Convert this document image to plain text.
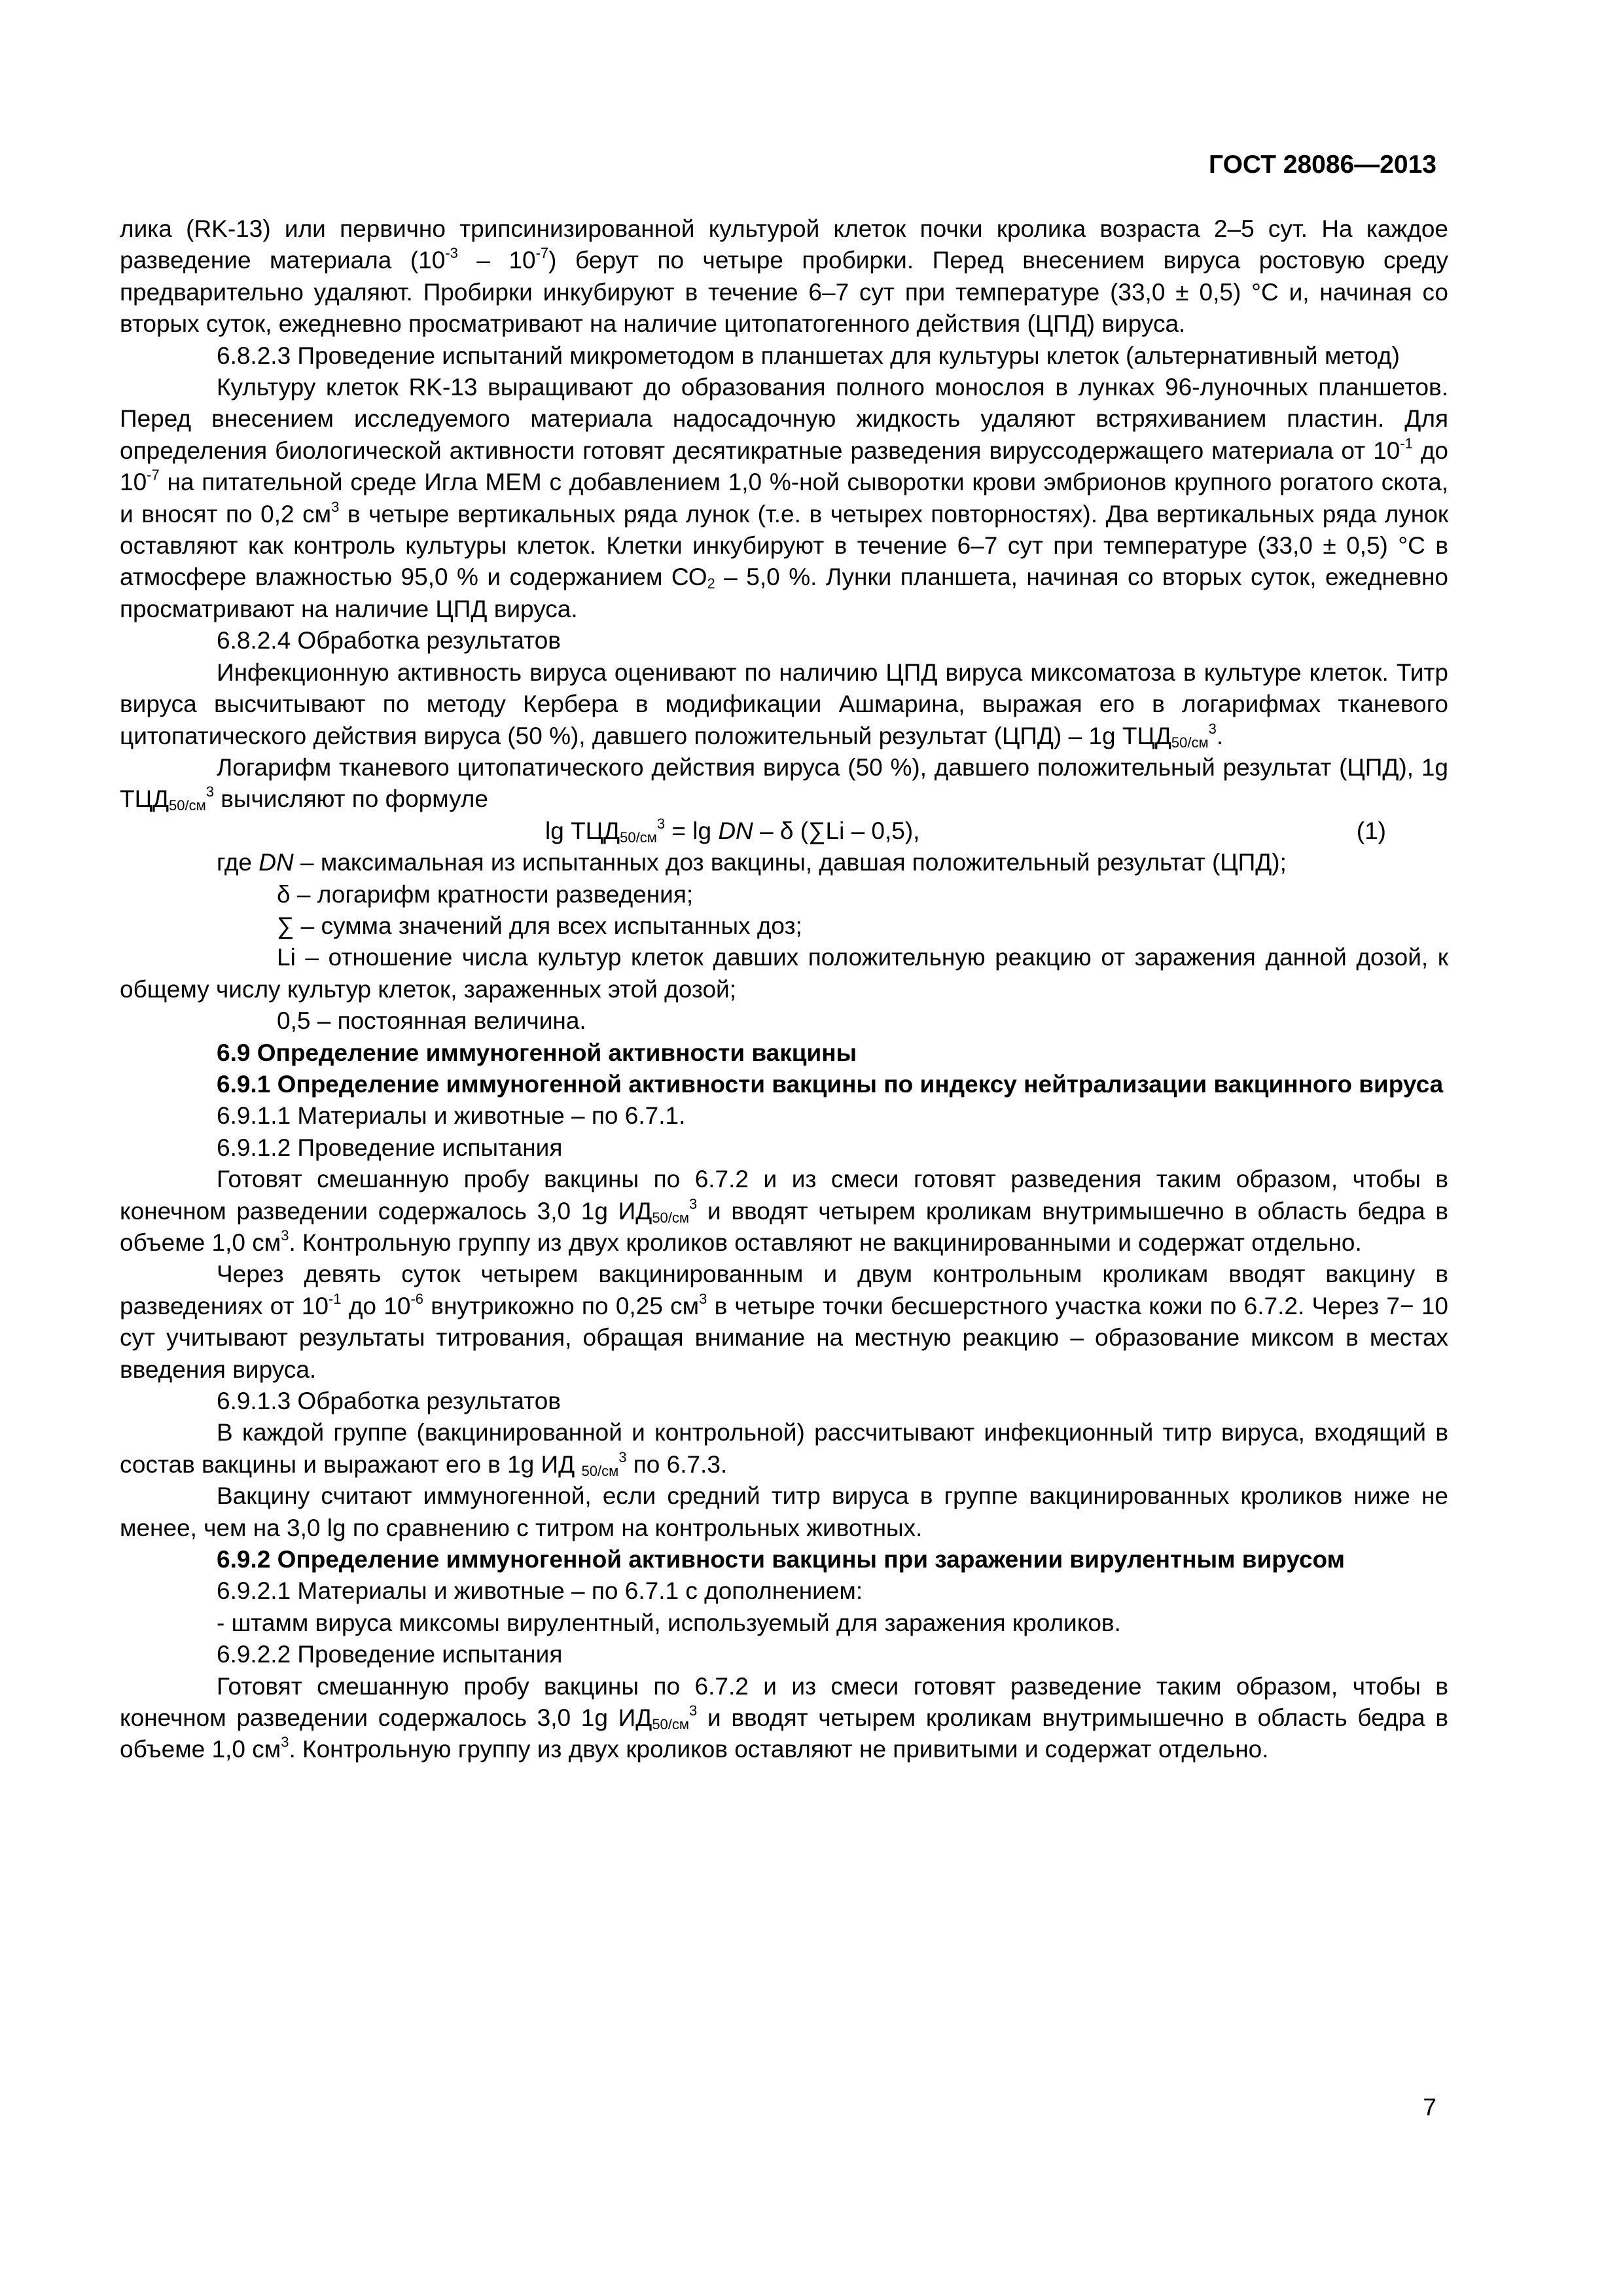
ГОСТ 28086—2013

лика (RK-13) или первично трипсинизированной культурой клеток почки кролика возраста 2–5 сут. На каждое разведение материала $(10^{-3} - 10^{-7})$ берут по четыре пробирки. Перед внесением вируса ростовую среду предварительно удаляют. Пробирки инкубируют в течение 6–7 сут при температуре (33,0 ± 0,5) °С и, начиная со вторых суток, ежедневно просматривают на наличие цитопатогенного действия (ЦПД) вируса.

6.8.2.3 Проведение испытаний микрометодом в планшетах для культуры клеток (альтернативный метод)

Культуру клеток RK-13 выращивают до образования полного монослоя в лунках 96-луночных планшетов. Перед внесением исследуемого материала надосадочную жидкость удаляют встряхиванием пластин. Для определения биологической активности готовят десятикратные разведения вируссодержащего материала от $10^{-1}$ до $10^{-7}$ на питательной среде Игла MEM с добавлением 1,0 %-ной сыворотки крови эмбрионов крупного рогатого скота, и вносят по 0,2 $см^3$ в четыре вертикальных ряда лунок (т.е. в четырех повторностях). Два вертикальных ряда лунок оставляют как контроль культуры клеток. Клетки инкубируют в течение 6–7 сут при температуре (33,0 ± 0,5) °С в атмосфере влажностью 95,0 % и содержанием $СО_2 - 5,0$ %. Лунки планшета, начиная со вторых суток, ежедневно просматривают на наличие ЦПД вируса.

6.8.2.4 Обработка результатов

Инфекционную активность вируса оценивают по наличию ЦПД вируса миксоматоза в культуре клеток. Титр вируса высчитывают по методу Кербера в модификации Ашмарина, выражая его в логарифмах тканевого цитопатического действия вируса (50 %), давшего положительный результат (ЦПД) – 1g $ТЦД_{50/см}^3$.

Логарифм тканевого цитопатического действия вируса (50 %), давшего положительный результат (ЦПД), 1g $ТЦД_{50/см}^3$ вычисляют по формуле

$\lg ТЦД_{50/см}^3 = \lg$ DN – δ (∑Li – 0,5),	(1)

где DN – максимальная из испытанных доз вакцины, давшая положительный результат (ЦПД);

δ – логарифм кратности разведения;

∑ – сумма значений для всех испытанных доз;

Li – отношение числа культур клеток давших положительную реакцию от заражения данной дозой, к общему числу культур клеток, зараженных этой дозой;

0,5 – постоянная величина.

6.9 Определение иммуногенной активности вакцины

6.9.1 Определение иммуногенной активности вакцины по индексу нейтрализации вакцинного вируса

6.9.1.1 Материалы и животные – по 6.7.1.

6.9.1.2 Проведение испытания

Готовят смешанную пробу вакцины по 6.7.2 и из смеси готовят разведения таким образом, чтобы в конечном разведении содержалось 3,0 1g $ИД_{50/см}^3$ и вводят четырем кроликам внутримышечно в область бедра в объеме 1,0 $см^3$. Контрольную группу из двух кроликов оставляют не вакцинированными и содержат отдельно.

Через девять суток четырем вакцинированным и двум контрольным кроликам вводят вакцину в разведениях от $10^{-1}$ до $10^{-6}$ внутрикожно по 0,25 $см^3$ в четыре точки бесшерстного участка кожи по 6.7.2. Через 7− 10 сут учитывают результаты титрования, обращая внимание на местную реакцию – образование миксом в местах введения вируса.

6.9.1.3 Обработка результатов

В каждой группе (вакцинированной и контрольной) рассчитывают инфекционный титр вируса, входящий в состав вакцины и выражают его в 1g ИД $_{50/см}^3$ по 6.7.3.

Вакцину считают иммуногенной, если средний титр вируса в группе вакцинированных кроликов ниже не менее, чем на 3,0 lg по сравнению с титром на контрольных животных.

6.9.2 Определение иммуногенной активности вакцины при заражении вирулентным вирусом

6.9.2.1 Материалы и животные – по 6.7.1 с дополнением:

- штамм вируса миксомы вирулентный, используемый для заражения кроликов.

6.9.2.2 Проведение испытания

Готовят смешанную пробу вакцины по 6.7.2 и из смеси готовят разведение таким образом, чтобы в конечном разведении содержалось 3,0 1g $ИД_{50/см}^3$ и вводят четырем кроликам внутримышечно в область бедра в объеме 1,0 $см^3$. Контрольную группу из двух кроликов оставляют не привитыми и содержат отдельно.

7
